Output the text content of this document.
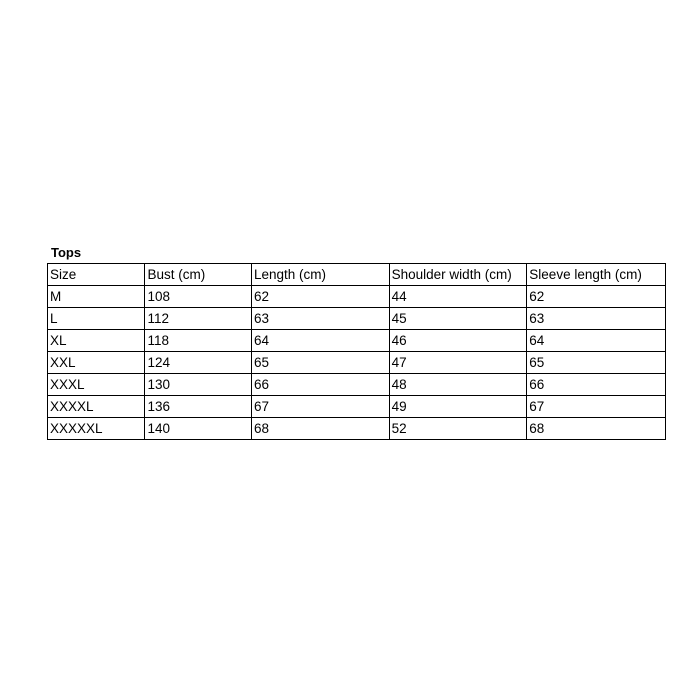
Tops
Size	Bust (cm)	Length (cm)	Shoulder width (cm)	Sleeve length (cm)
M	108	62	44	62
L	112	63	45	63
XL	118	64	46	64
XXL	124	65	47	65
XXXL	130	66	48	66
XXXXL	136	67	49	67
XXXXXL	140	68	52	68
